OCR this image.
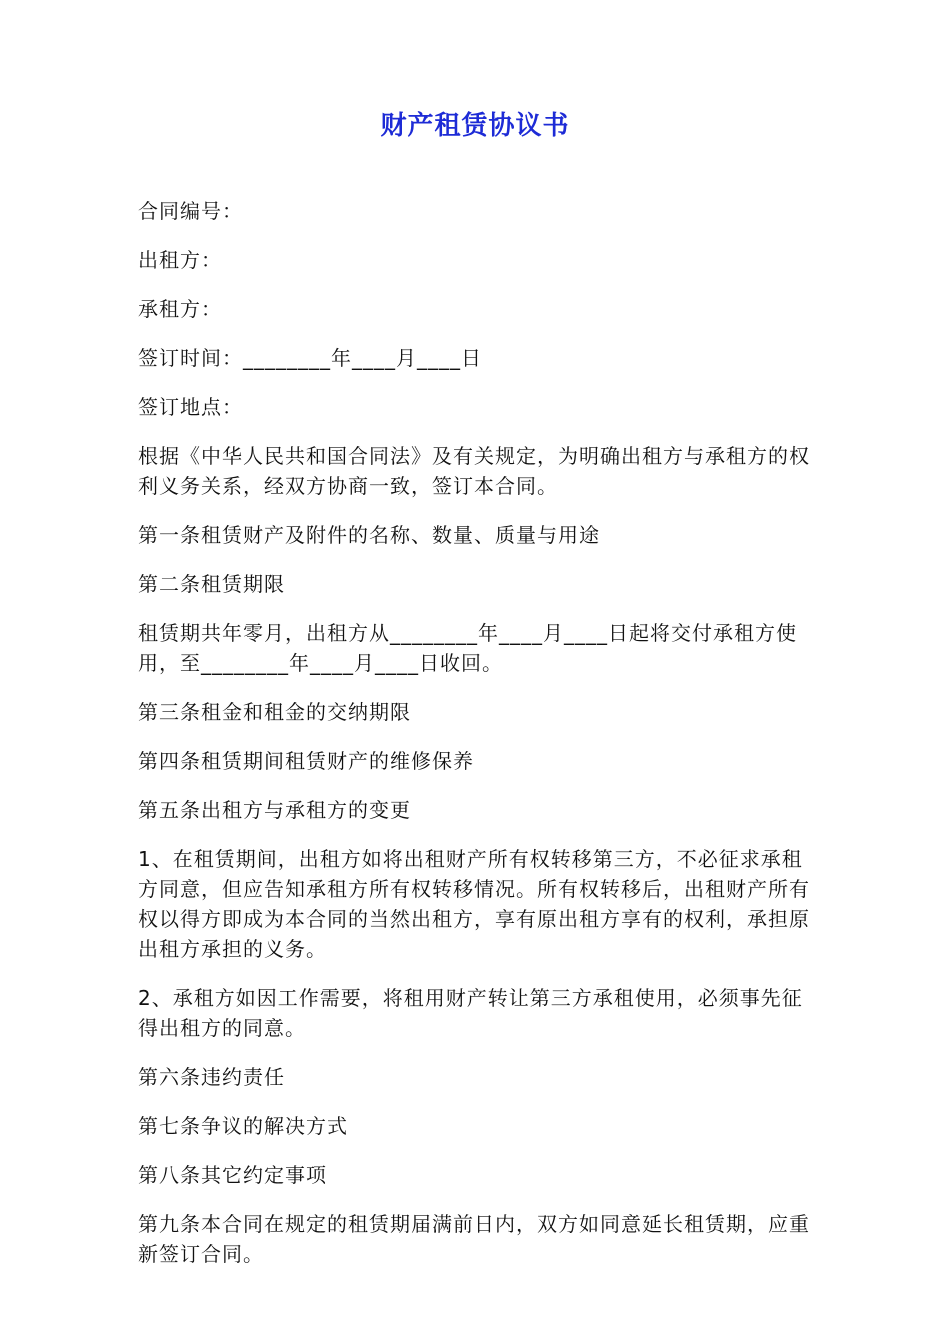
财产租赁协议书

合同编号：

出租方：

承租方：

签订时间：________年____月____日

签订地点：

根据《中华人民共和国合同法》及有关规定，为明确出租方与承租方的权利义务关系，经双方协商一致，签订本合同。

第一条租赁财产及附件的名称、数量、质量与用途

第二条租赁期限

租赁期共年零月，出租方从________年____月____日起将交付承租方使用，至________年____月____日收回。

第三条租金和租金的交纳期限

第四条租赁期间租赁财产的维修保养

第五条出租方与承租方的变更

1、在租赁期间，出租方如将出租财产所有权转移第三方，不必征求承租方同意，但应告知承租方所有权转移情况。所有权转移后，出租财产所有权以得方即成为本合同的当然出租方，享有原出租方享有的权利，承担原出租方承担的义务。

2、承租方如因工作需要，将租用财产转让第三方承租使用，必须事先征得出租方的同意。

第六条违约责任

第七条争议的解决方式

第八条其它约定事项

第九条本合同在规定的租赁期届满前日内，双方如同意延长租赁期，应重新签订合同。
